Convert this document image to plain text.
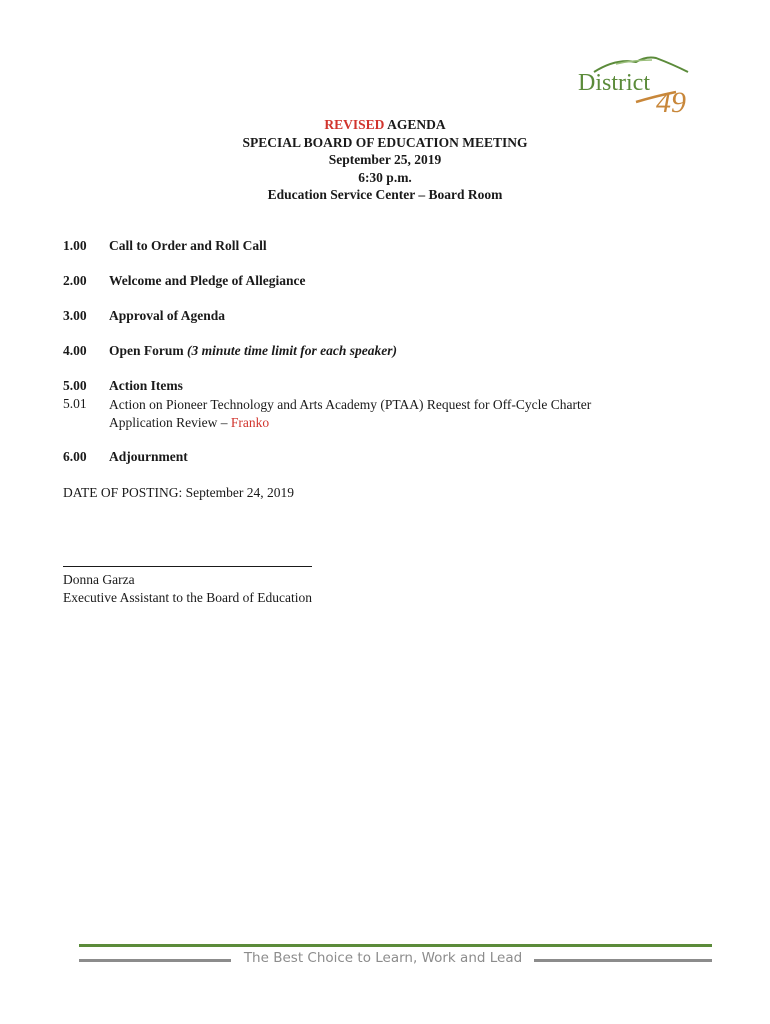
District
49
REVISED AGENDA
SPECIAL BOARD OF EDUCATION MEETING
September 25, 2019
6:30 p.m.
Education Service Center – Board Room
1.00	Call to Order and Roll Call
2.00	Welcome and Pledge of Allegiance
3.00	Approval of Agenda
4.00	Open Forum (3 minute time limit for each speaker)
5.00	Action Items
5.01	Action on Pioneer Technology and Arts Academy (PTAA) Request for Off-Cycle Charter
Application Review – Franko
6.00	Adjournment
DATE OF POSTING: September 24, 2019
Donna Garza
Executive Assistant to the Board of Education
The Best Choice to Learn, Work and Lead
